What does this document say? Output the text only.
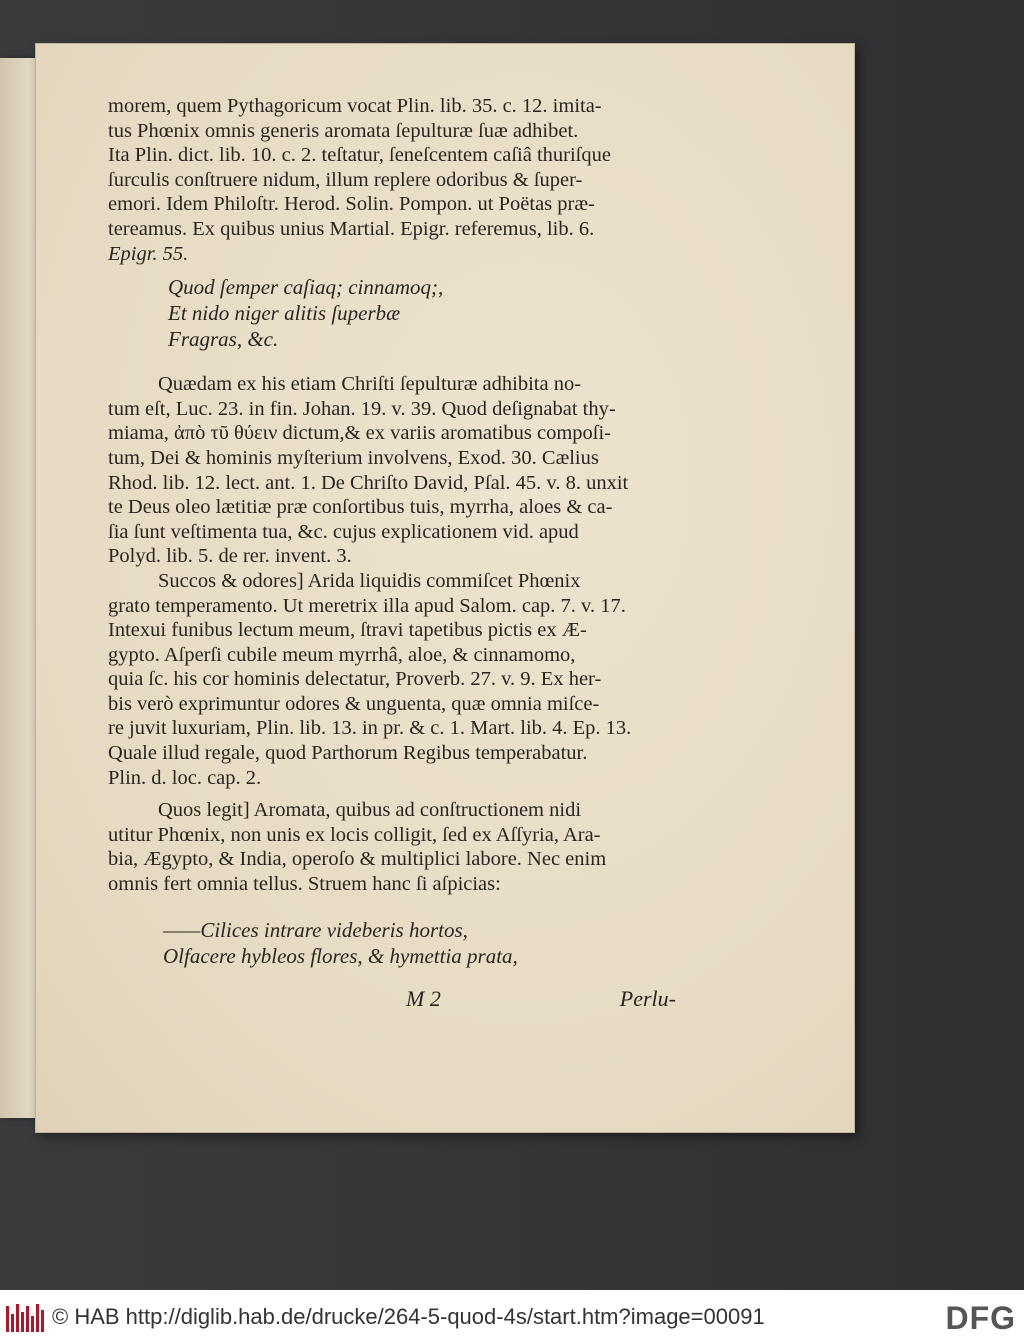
morem, quem Pythagoricum vocat Plin. lib. 35. c. 12. imita-

tus Phœnix omnis generis aromata ſepulturæ ſuæ adhibet.

Ita Plin. dict. lib. 10. c. 2. teſtatur, ſeneſcentem caſiâ thuriſque

ſurculis conſtruere nidum, illum replere odoribus & ſuper-

emori. Idem Philoſtr. Herod. Solin. Pompon. ut Poëtas præ-

tereamus. Ex quibus unius Martial. Epigr. referemus, lib. 6.

Epigr. 55.

Quod ſemper caſiaq; cinnamoq;,

Et nido niger alitis ſuperbæ

Fragras, &c.

Quædam ex his etiam Chriſti ſepulturæ adhibita no-

tum eſt, Luc. 23. in fin. Johan. 19. v. 39. Quod deſignabat thy-

miama, ἀπὸ τῦ θύειν dictum,& ex variis aromatibus compoſi-

tum, Dei & hominis myſterium involvens, Exod. 30. Cælius

Rhod. lib. 12. lect. ant. 1. De Chriſto David, Pſal. 45. v. 8. unxit

te Deus oleo lætitiæ præ conſortibus tuis, myrrha, aloes & ca-

ſia ſunt veſtimenta tua, &c. cujus explicationem vid. apud

Polyd. lib. 5. de rer. invent. 3.

Succos & odores] Arida liquidis commiſcet Phœnix

grato temperamento. Ut meretrix illa apud Salom. cap. 7. v. 17.

Intexui funibus lectum meum, ſtravi tapetibus pictis ex Æ-

gypto. Aſperſi cubile meum myrrhâ, aloe, & cinnamomo,

quia ſc. his cor hominis delectatur, Proverb. 27. v. 9. Ex her-

bis verò exprimuntur odores & unguenta, quæ omnia miſce-

re juvit luxuriam, Plin. lib. 13. in pr. & c. 1. Mart. lib. 4. Ep. 13.

Quale illud regale, quod Parthorum Regibus temperabatur.

Plin. d. loc. cap. 2.

Quos legit] Aromata, quibus ad conſtructionem nidi

utitur Phœnix, non unis ex locis colligit, ſed ex Aſſyria, Ara-

bia, Ægypto, & India, operoſo & multiplici labore. Nec enim

omnis fert omnia tellus. Struem hanc ſi aſpicias:

——Cilices intrare videberis hortos,

Olfacere hybleos flores, & hymettia prata,

M 2	Perlu-
© HAB http://diglib.hab.de/drucke/264-5-quod-4s/start.htm?image=00091	DFG
